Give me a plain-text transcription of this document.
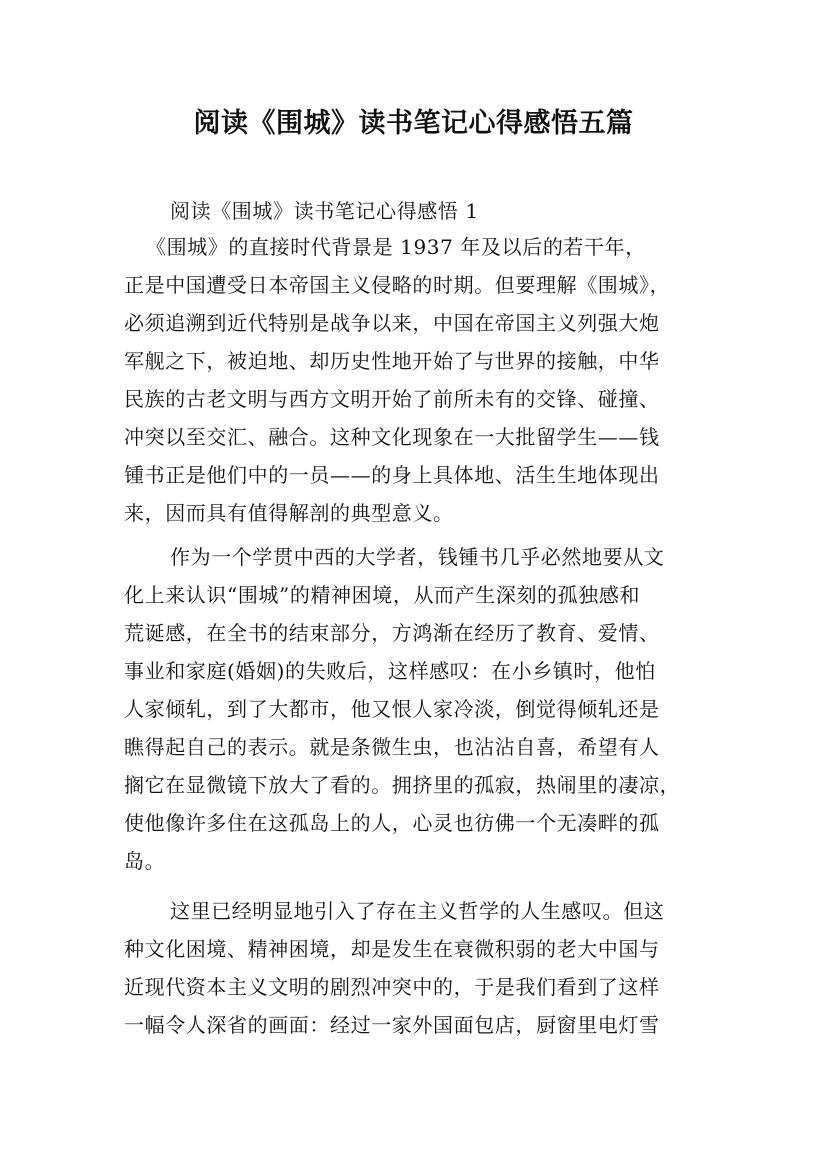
阅读《围城》读书笔记心得感悟五篇

阅读《围城》读书笔记心得感悟 1

《围城》的直接时代背景是 1937 年及以后的若干年，

正是中国遭受日本帝国主义侵略的时期。但要理解《围城》，

必须追溯到近代特别是战争以来，中国在帝国主义列强大炮

军舰之下，被迫地、却历史性地开始了与世界的接触，中华

民族的古老文明与西方文明开始了前所未有的交锋、碰撞、

冲突以至交汇、融合。这种文化现象在一大批留学生——钱

锺书正是他们中的一员——的身上具体地、活生生地体现出

来，因而具有值得解剖的典型意义。

作为一个学贯中西的大学者，钱锺书几乎必然地要从文

化上来认识“围城”的精神困境，从而产生深刻的孤独感和

荒诞感，在全书的结束部分，方鸿渐在经历了教育、爱情、

事业和家庭(婚姻)的失败后，这样感叹：在小乡镇时，他怕

人家倾轧，到了大都市，他又恨人家冷淡，倒觉得倾轧还是

瞧得起自己的表示。就是条微生虫，也沾沾自喜，希望有人

搁它在显微镜下放大了看的。拥挤里的孤寂，热闹里的凄凉，

使他像许多住在这孤岛上的人，心灵也彷佛一个无凑畔的孤

岛。

这里已经明显地引入了存在主义哲学的人生感叹。但这

种文化困境、精神困境，却是发生在衰微积弱的老大中国与

近现代资本主义文明的剧烈冲突中的，于是我们看到了这样

一幅令人深省的画面：经过一家外国面包店，厨窗里电灯雪
